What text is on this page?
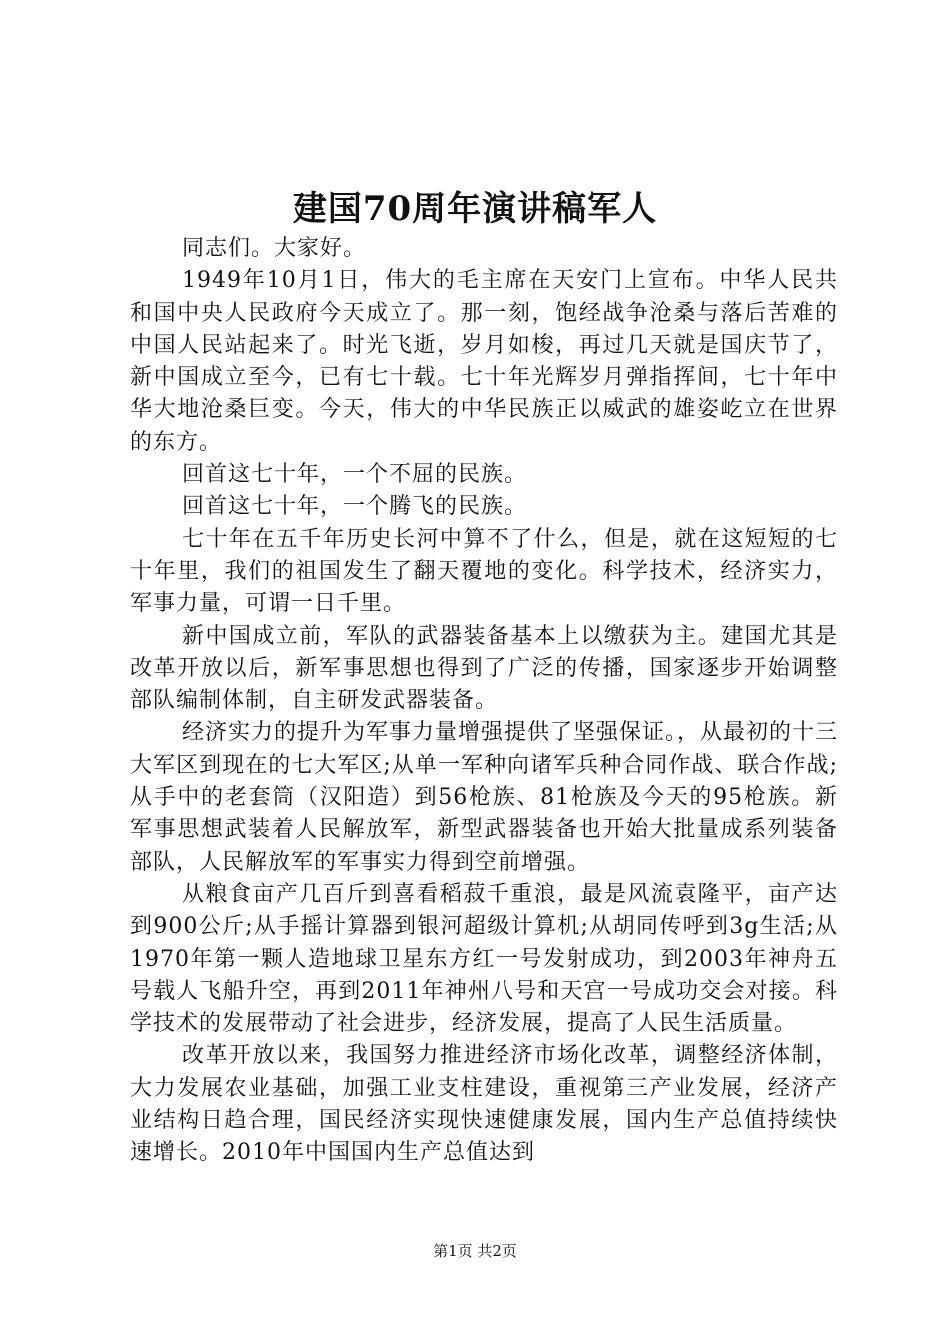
建国70周年演讲稿军人

同志们。大家好。

1949年10月1日，伟大的毛主席在天安门上宣布。中华人民共和国中央人民政府今天成立了。那一刻，饱经战争沧桑与落后苦难的中国人民站起来了。时光飞逝，岁月如梭，再过几天就是国庆节了，新中国成立至今，已有七十载。七十年光辉岁月弹指挥间，七十年中华大地沧桑巨变。今天，伟大的中华民族正以威武的雄姿屹立在世界的东方。

回首这七十年，一个不屈的民族。

回首这七十年，一个腾飞的民族。

七十年在五千年历史长河中算不了什么，但是，就在这短短的七十年里，我们的祖国发生了翻天覆地的变化。科学技术，经济实力，军事力量，可谓一日千里。

新中国成立前，军队的武器装备基本上以缴获为主。建国尤其是改革开放以后，新军事思想也得到了广泛的传播，国家逐步开始调整部队编制体制，自主研发武器装备。

经济实力的提升为军事力量增强提供了坚强保证。，从最初的十三大军区到现在的七大军区;从单一军种向诸军兵种合同作战、联合作战;从手中的老套筒（汉阳造）到56枪族、81枪族及今天的95枪族。新军事思想武装着人民解放军，新型武器装备也开始大批量成系列装备部队，人民解放军的军事实力得到空前增强。

从粮食亩产几百斤到喜看稻菽千重浪，最是风流袁隆平，亩产达到900公斤;从手摇计算器到银河超级计算机;从胡同传呼到3g生活;从1970年第一颗人造地球卫星东方红一号发射成功，到2003年神舟五号载人飞船升空，再到2011年神州八号和天宫一号成功交会对接。科学技术的发展带动了社会进步，经济发展，提高了人民生活质量。

改革开放以来，我国努力推进经济市场化改革，调整经济体制，大力发展农业基础，加强工业支柱建设，重视第三产业发展，经济产业结构日趋合理，国民经济实现快速健康发展，国内生产总值持续快速增长。2010年中国国内生产总值达到

第1页 共2页
